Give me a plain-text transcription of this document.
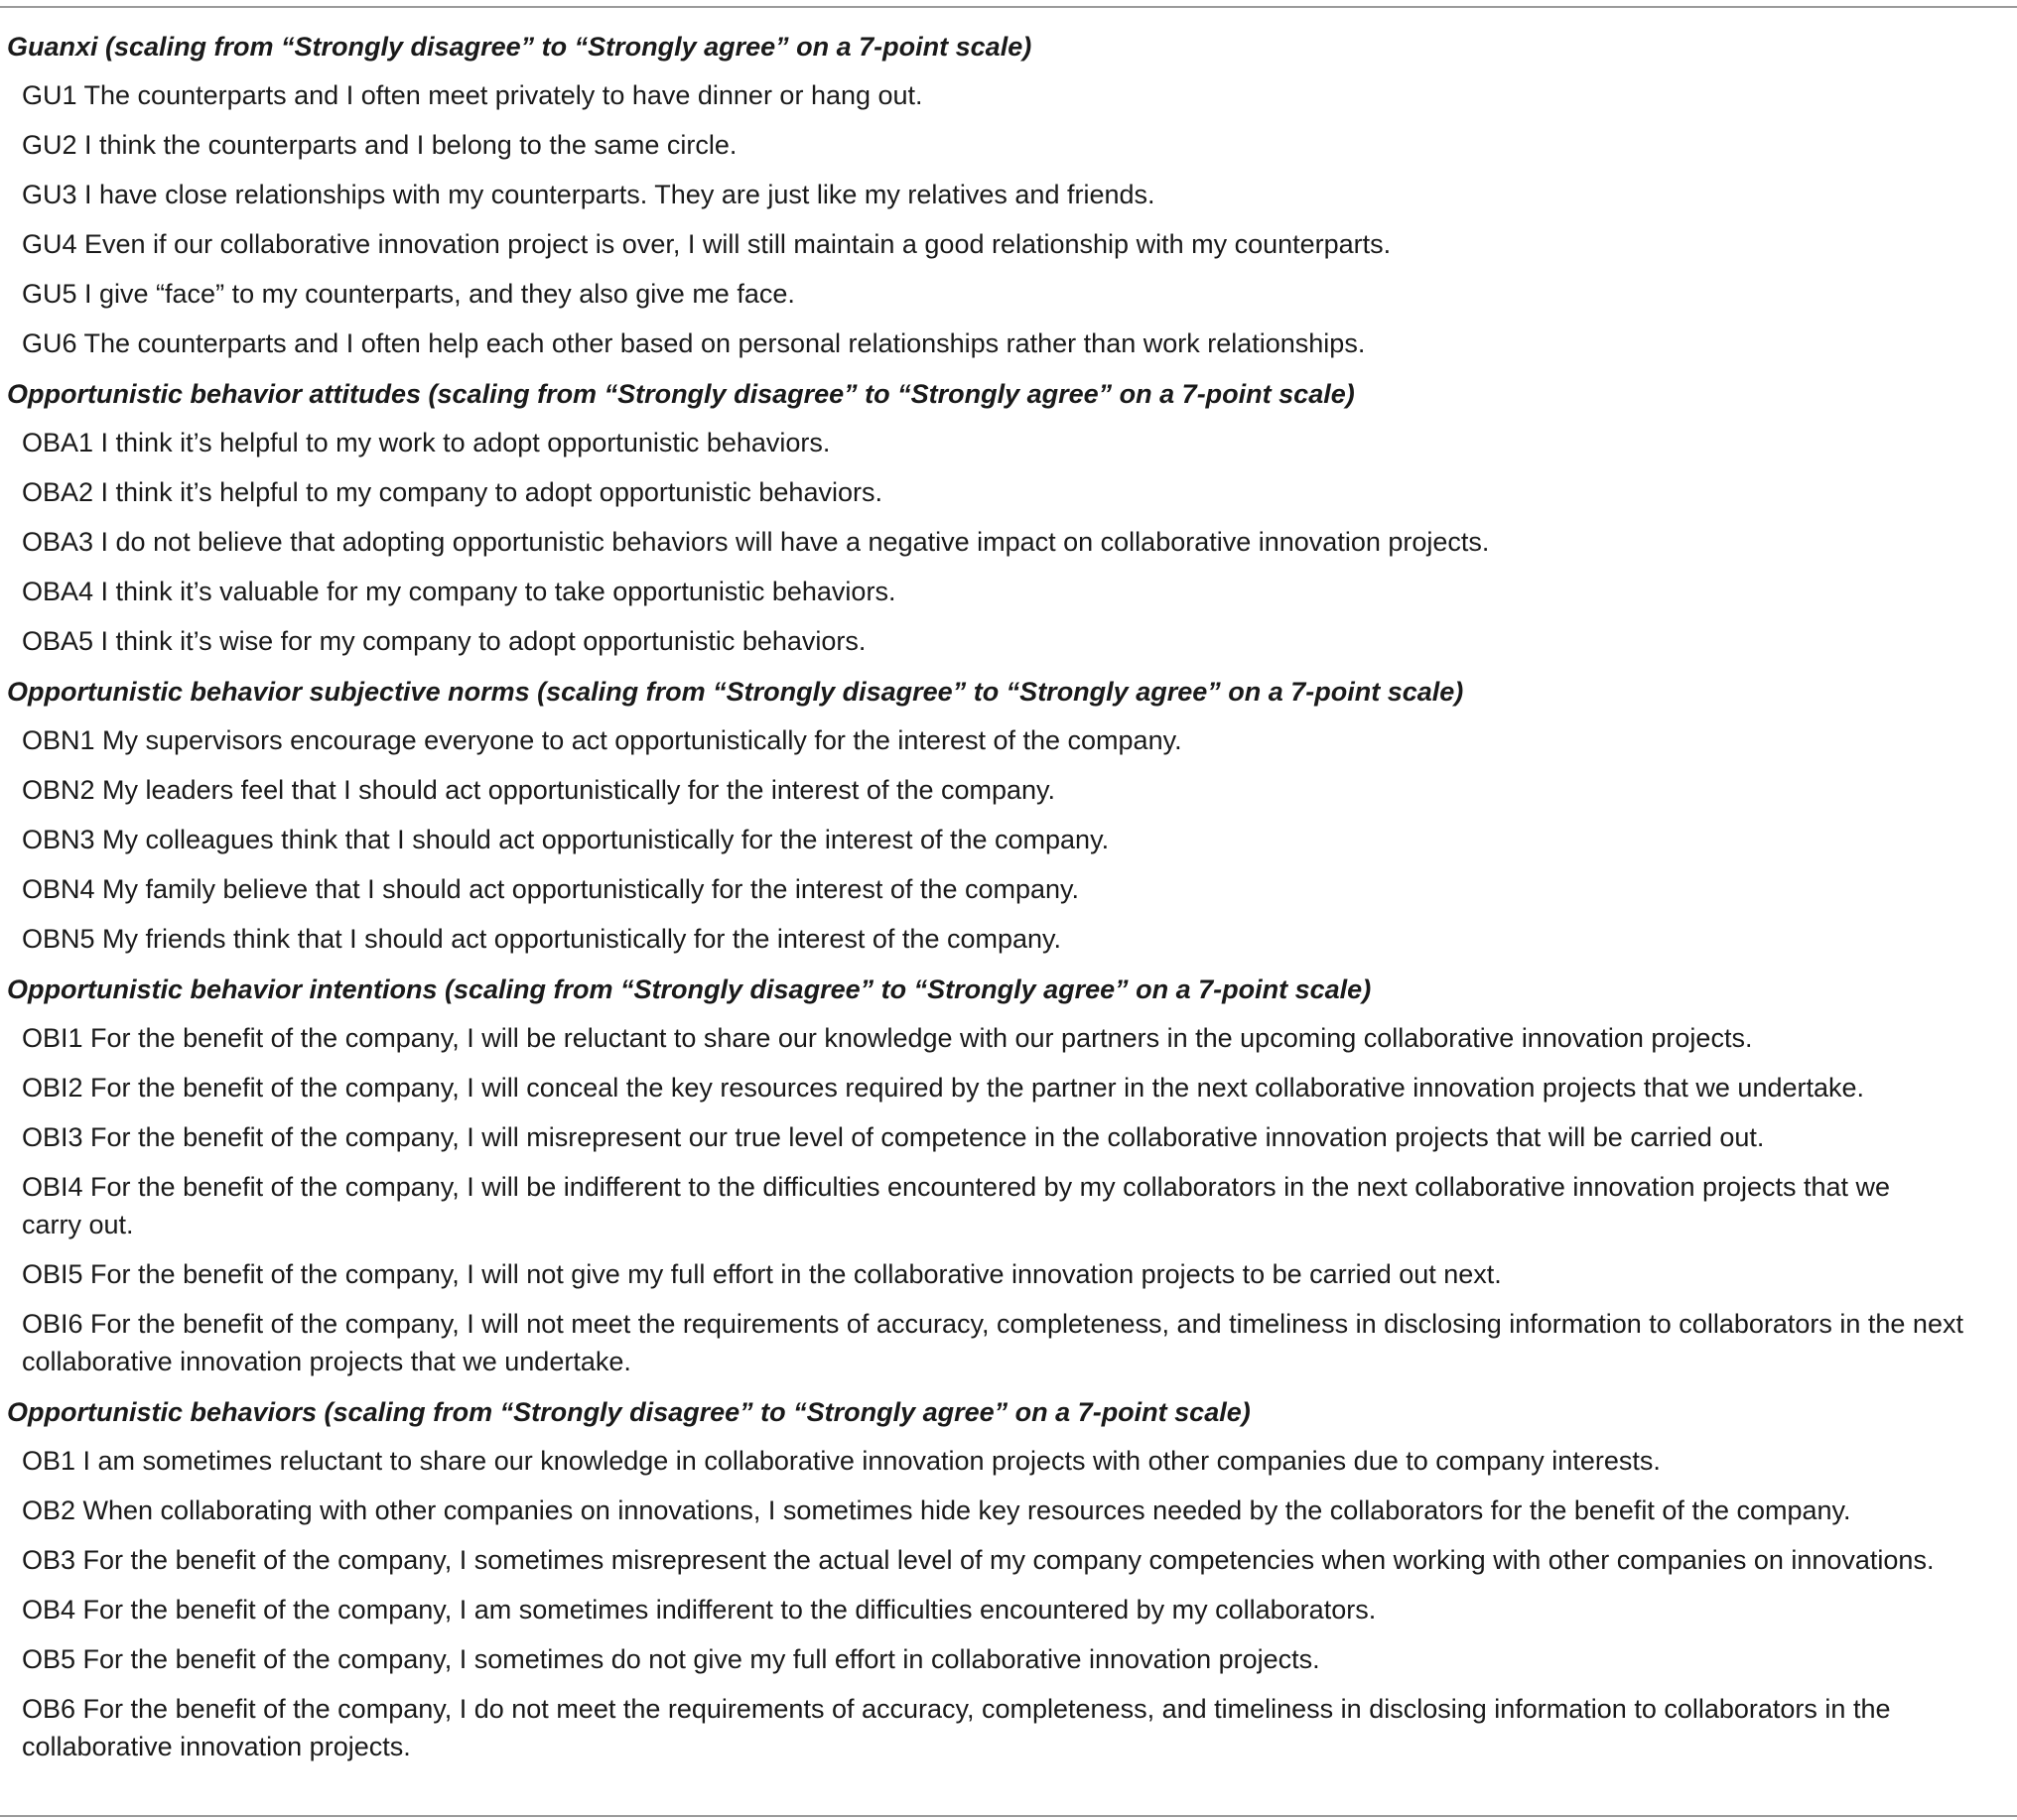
Guanxi (scaling from “Strongly disagree” to “Strongly agree” on a 7-point scale)
GU1 The counterparts and I often meet privately to have dinner or hang out.
GU2 I think the counterparts and I belong to the same circle.
GU3 I have close relationships with my counterparts. They are just like my relatives and friends.
GU4 Even if our collaborative innovation project is over, I will still maintain a good relationship with my counterparts.
GU5 I give “face” to my counterparts, and they also give me face.
GU6 The counterparts and I often help each other based on personal relationships rather than work relationships.
Opportunistic behavior attitudes (scaling from “Strongly disagree” to “Strongly agree” on a 7-point scale)
OBA1 I think it’s helpful to my work to adopt opportunistic behaviors.
OBA2 I think it’s helpful to my company to adopt opportunistic behaviors.
OBA3 I do not believe that adopting opportunistic behaviors will have a negative impact on collaborative innovation projects.
OBA4 I think it’s valuable for my company to take opportunistic behaviors.
OBA5 I think it’s wise for my company to adopt opportunistic behaviors.
Opportunistic behavior subjective norms (scaling from “Strongly disagree” to “Strongly agree” on a 7-point scale)
OBN1 My supervisors encourage everyone to act opportunistically for the interest of the company.
OBN2 My leaders feel that I should act opportunistically for the interest of the company.
OBN3 My colleagues think that I should act opportunistically for the interest of the company.
OBN4 My family believe that I should act opportunistically for the interest of the company.
OBN5 My friends think that I should act opportunistically for the interest of the company.
Opportunistic behavior intentions (scaling from “Strongly disagree” to “Strongly agree” on a 7-point scale)
OBI1 For the benefit of the company, I will be reluctant to share our knowledge with our partners in the upcoming collaborative innovation projects.
OBI2 For the benefit of the company, I will conceal the key resources required by the partner in the next collaborative innovation projects that we undertake.
OBI3 For the benefit of the company, I will misrepresent our true level of competence in the collaborative innovation projects that will be carried out.
OBI4 For the benefit of the company, I will be indifferent to the difficulties encountered by my collaborators in the next collaborative innovation projects that we carry out.
OBI5 For the benefit of the company, I will not give my full effort in the collaborative innovation projects to be carried out next.
OBI6 For the benefit of the company, I will not meet the requirements of accuracy, completeness, and timeliness in disclosing information to collaborators in the next collaborative innovation projects that we undertake.
Opportunistic behaviors (scaling from “Strongly disagree” to “Strongly agree” on a 7-point scale)
OB1 I am sometimes reluctant to share our knowledge in collaborative innovation projects with other companies due to company interests.
OB2 When collaborating with other companies on innovations, I sometimes hide key resources needed by the collaborators for the benefit of the company.
OB3 For the benefit of the company, I sometimes misrepresent the actual level of my company competencies when working with other companies on innovations.
OB4 For the benefit of the company, I am sometimes indifferent to the difficulties encountered by my collaborators.
OB5 For the benefit of the company, I sometimes do not give my full effort in collaborative innovation projects.
OB6 For the benefit of the company, I do not meet the requirements of accuracy, completeness, and timeliness in disclosing information to collaborators in the collaborative innovation projects.
